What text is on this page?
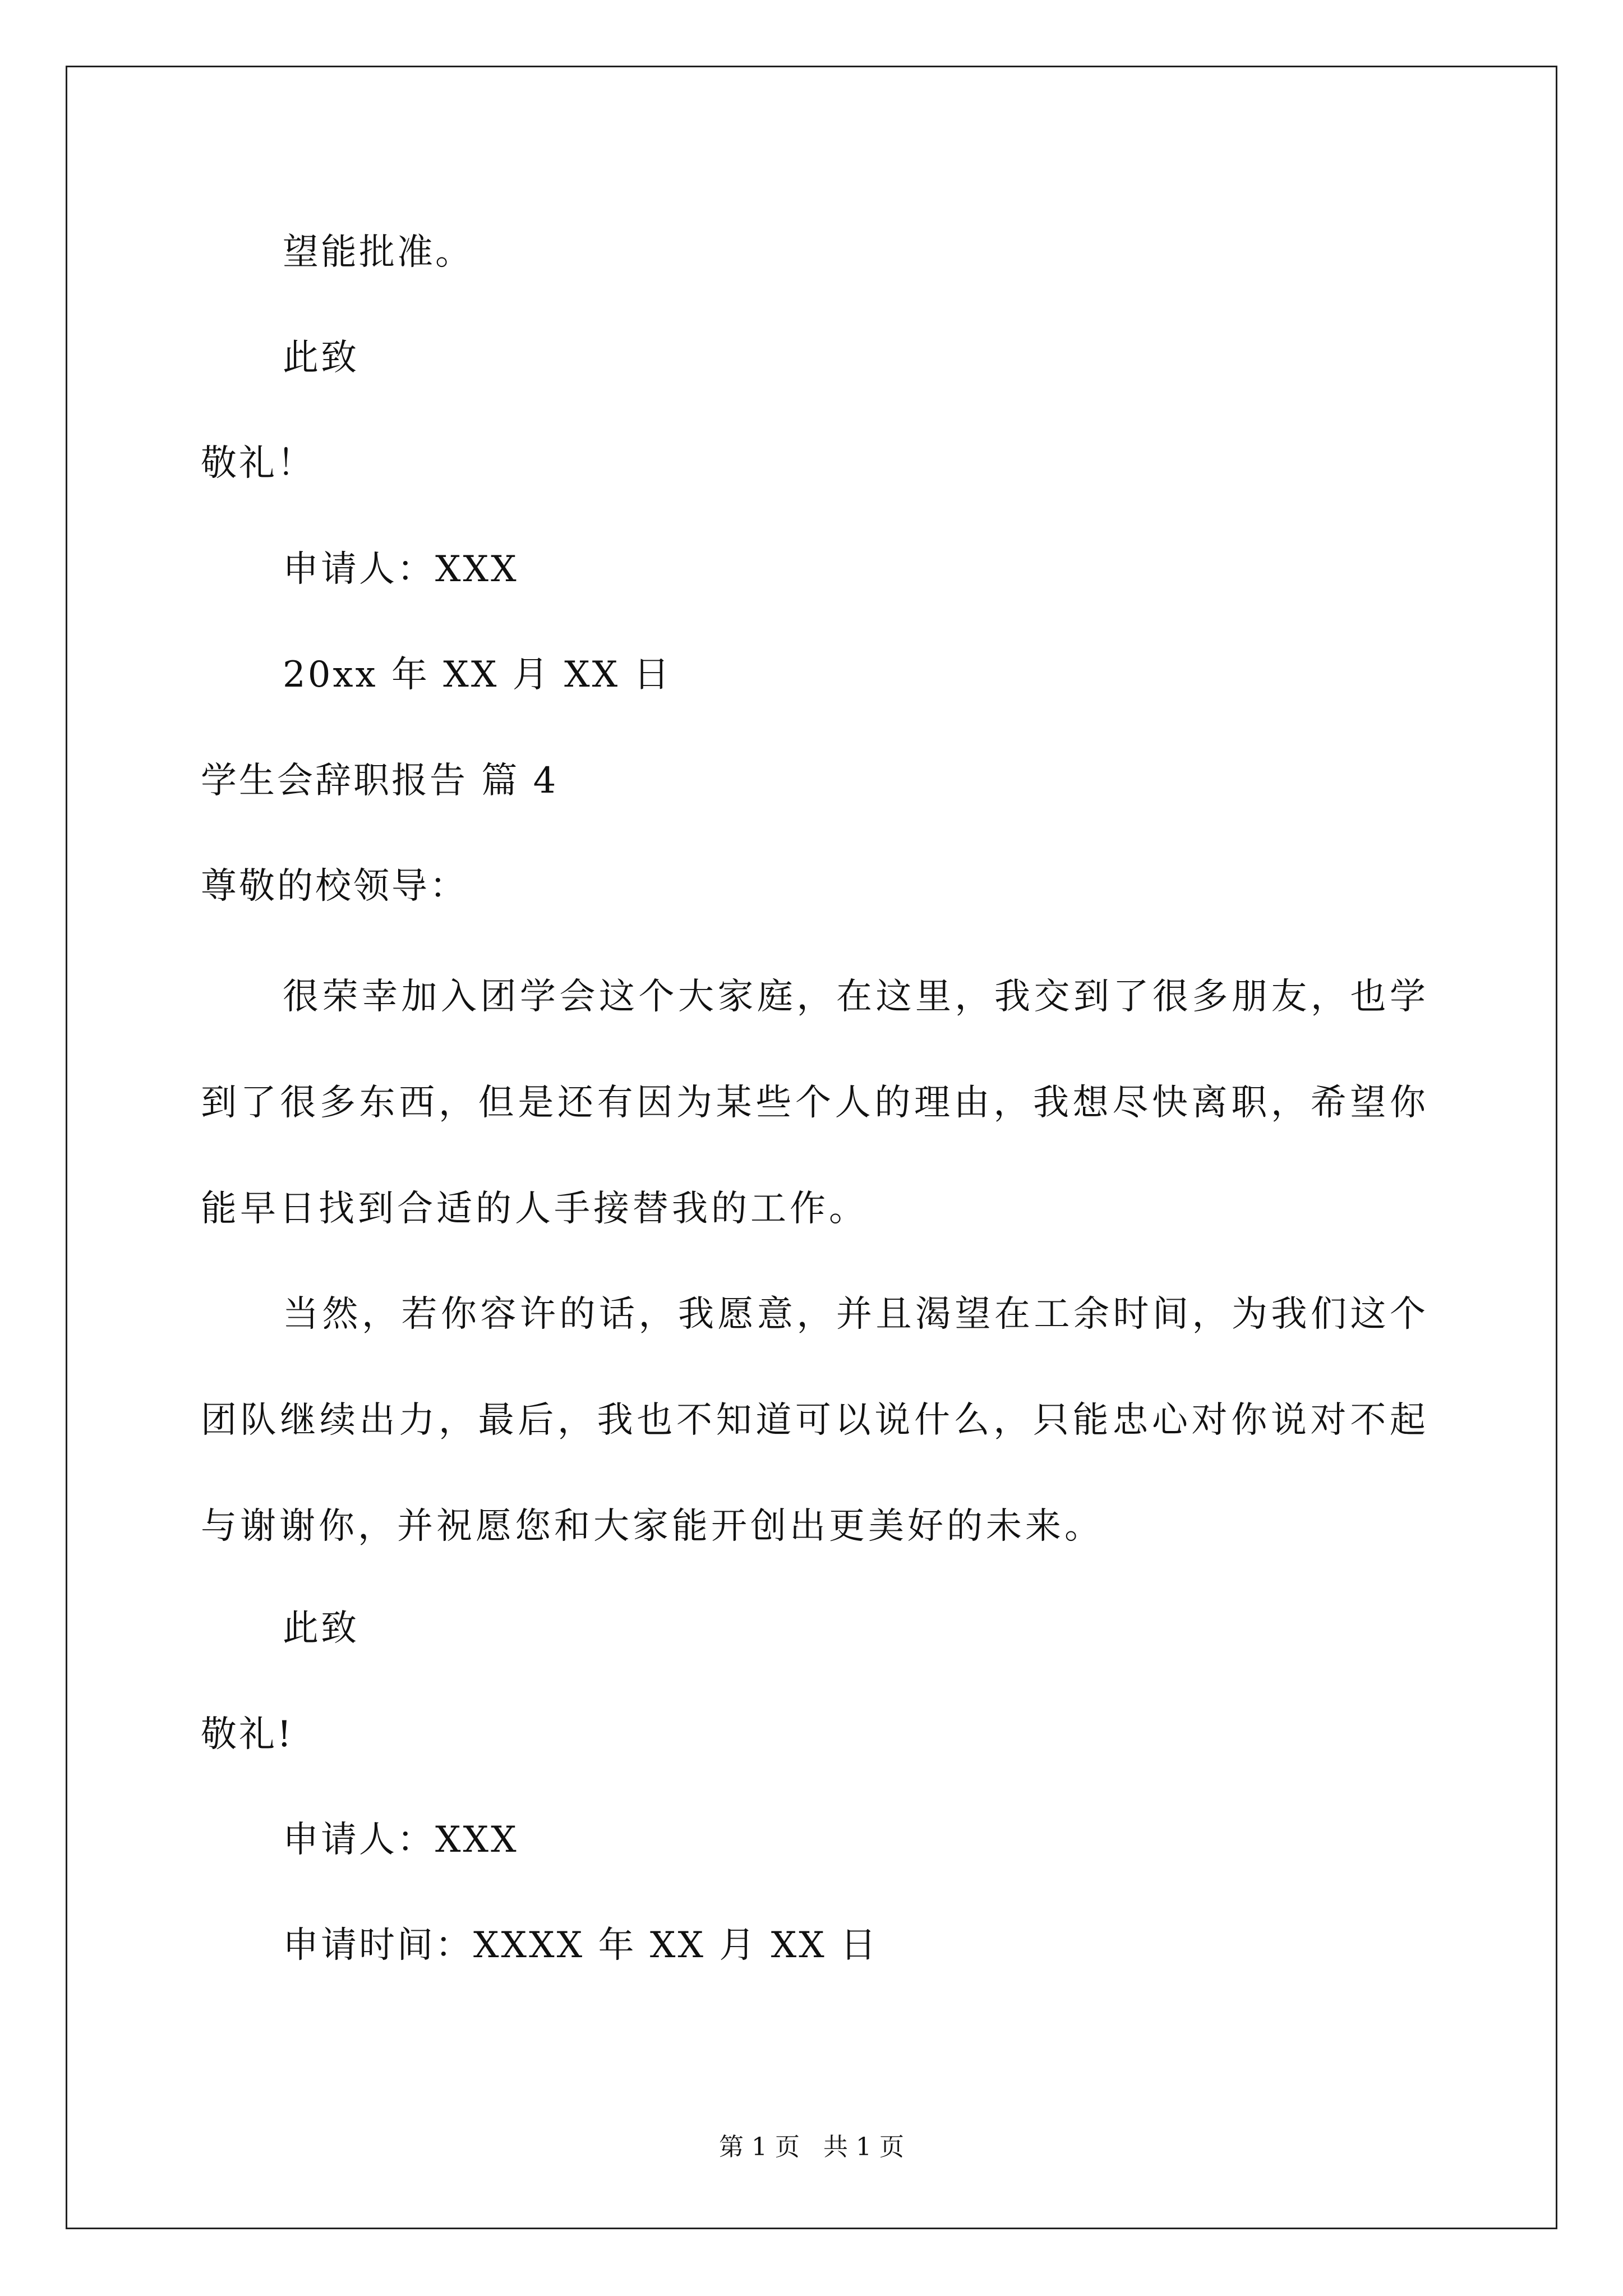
望能批准。
此致
敬礼！
申请人：XXX
20xx 年 XX 月 XX 日
学生会辞职报告 篇 4
尊敬的校领导：
很荣幸加入团学会这个大家庭，在这里，我交到了很多朋友，也学到了很多东西，但是还有因为某些个人的理由，我想尽快离职，希望你能早日找到合适的人手接替我的工作。
当然，若你容许的话，我愿意，并且渴望在工余时间，为我们这个团队继续出力，最后，我也不知道可以说什么，只能忠心对你说对不起与谢谢你，并祝愿您和大家能开创出更美好的未来。
此致
敬礼!
申请人：XXX
申请时间：XXXX 年 XX 月 XX 日
第 1 页   共 1 页
